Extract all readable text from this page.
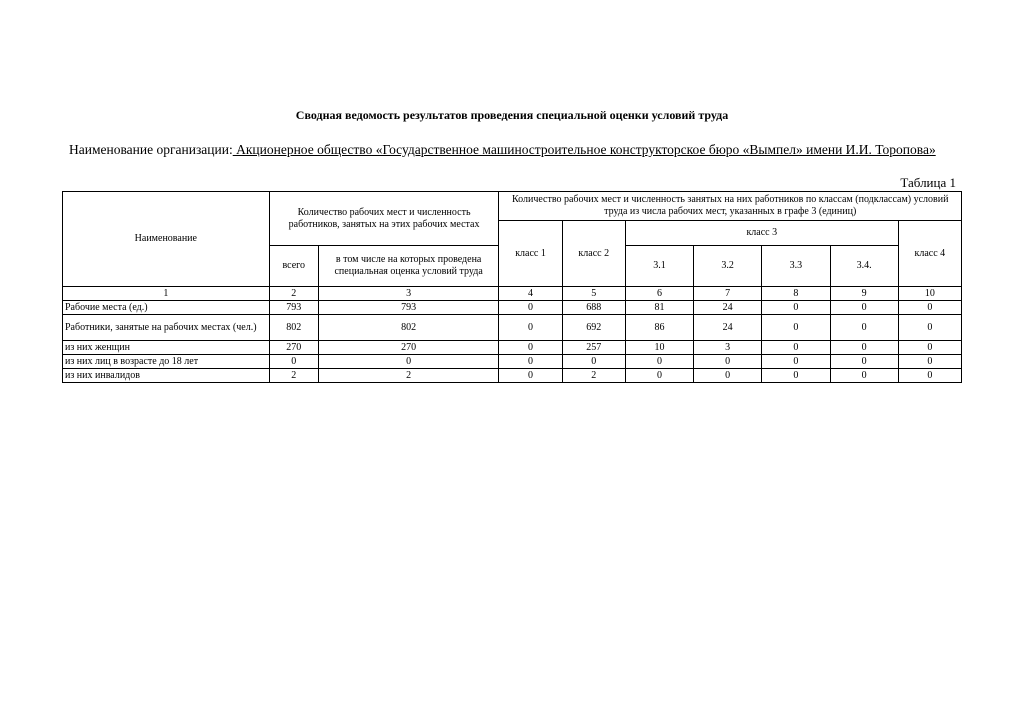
Сводная ведомость результатов проведения специальной оценки условий труда
Наименование организации: Акционерное общество «Государственное машиностроительное конструкторское бюро «Вымпел» имени И.И. Торопова»
Таблица 1
Наименование	Количество рабочих мест и численность работников, занятых на этих рабочих местах		Количество рабочих мест и численность занятых на них работников по классам (подклассам) условий труда из числа рабочих мест, указанных в графе 3 (единиц)						
			класс 1	класс 2	класс 3				класс 4
	всего	в том числе на которых проведена специальная оценка условий труда			3.1	3.2	3.3	3.4.	
1	2	3	4	5	6	7	8	9	10
Рабочие места (ед.)	793	793	0	688	81	24	0	0	0
Работники, занятые на рабочих местах (чел.)	802	802	0	692	86	24	0	0	0
из них женщин	270	270	0	257	10	3	0	0	0
из них лиц в возрасте до 18 лет	0	0	0	0	0	0	0	0	0
из них инвалидов	2	2	0	2	0	0	0	0	0
